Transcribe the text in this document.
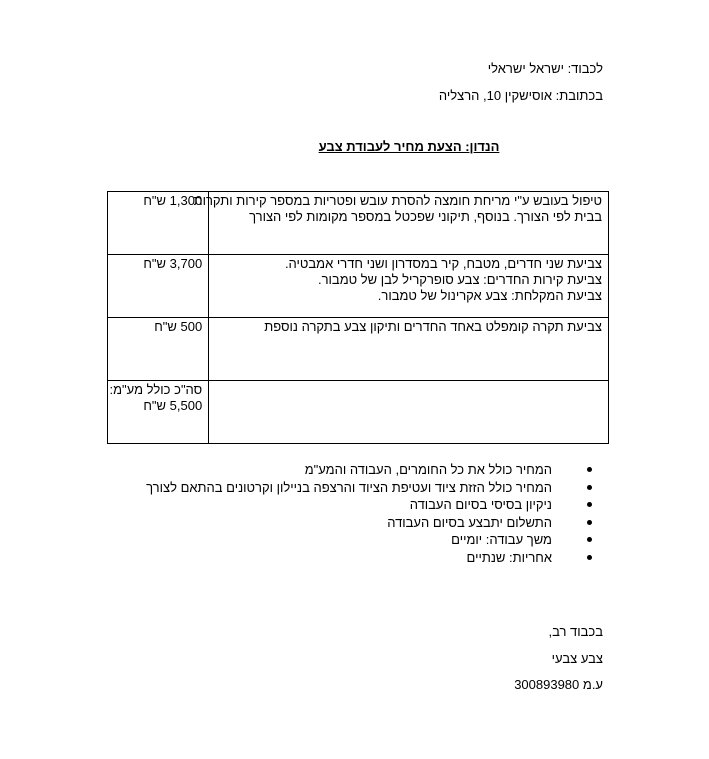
לכבוד: ישראל ישראלי
בכתובת: אוסישקין 10, הרצליה
הנדון: הצעת מחיר לעבודת צבע
טיפול בעובש ע"י מריחת חומצה להסרת עובש ופטריות במספר קירות ותקרות
בבית לפי הצורך. בנוסף, תיקוני שפכטל במספר מקומות לפי הצורך	1,300 ש"ח

צביעת שני חדרים, מטבח, קיר במסדרון ושני חדרי אמבטיה.
צביעת קירות החדרים: צבע סופרקריל לבן של טמבור.
צביעת המקלחת: צבע אקרינול של טמבור.	3,700 ש"ח

צביעת תקרה קומפלט באחד החדרים ותיקון צבע בתקרה נוספת	500 ש"ח

	סה"כ כולל מע"מ:
5,500 ש"ח
המחיר כולל את כל החומרים, העבודה והמע"מ
המחיר כולל הזזת ציוד ועטיפת הציוד והרצפה בניילון וקרטונים בהתאם לצורך
ניקיון בסיסי בסיום העבודה
התשלום יתבצע בסיום העבודה
משך עבודה: יומיים
אחריות: שנתיים
בכבוד רב,
צבע צבעי
ע.מ 300893980
